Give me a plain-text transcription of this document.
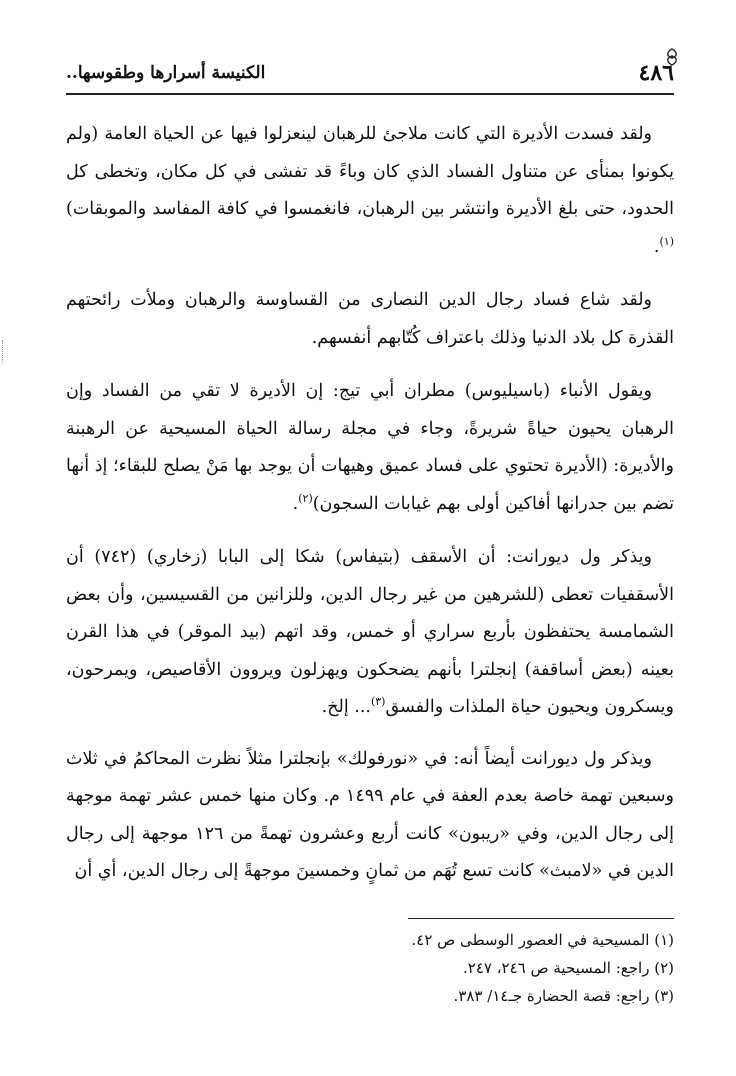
٤٨٦
الكنيسة أسرارها وطقوسها..

ولقد فسدت الأديرة التي كانت ملاجئ للرهبان لينعزلوا فيها عن الحياة العامة (ولم يكونوا بمنأى عن متناول الفساد الذي كان وباءً قد تفشى في كل مكان، وتخطى كل الحدود، حتى بلغ الأديرة وانتشر بين الرهبان، فانغمسوا في كافة المفاسد والموبقات)$^{(١)}$.

ولقد شاع فساد رجال الدين النصارى من القساوسة والرهبان وملأت رائحتهم القذرة كل بلاد الدنيا وذلك باعتراف كُتّابهم أنفسهم.

ويقول الأنباء (باسيليوس) مطران أبي تيج: إن الأديرة لا تقي من الفساد وإن الرهبان يحيون حياةً شريرةً، وجاء في مجلة رسالة الحياة المسيحية عن الرهبنة والأديرة: (الأديرة تحتوي على فساد عميق وهيهات أن يوجد بها مَنْ يصلح للبقاء؛ إذ أنها تضم بين جدرانها أفاكين أولى بهم غيابات السجون)$^{(٢)}$.

ويذكر ول ديورانت: أن الأسقف (بتيفاس) شكا إلى البابا (زخاري) (٧٤٢) أن الأسقفيات تعطى (للشرهين من غير رجال الدين، وللزانين من القسيسين، وأن بعض الشمامسة يحتفظون بأربع سراري أو خمس، وقد اتهم (بيد الموقر) في هذا القرن بعينه (بعض أساقفة) إنجلترا بأنهم يضحكون ويهزلون ويروون الأقاصيص، ويمرحون، ويسكرون ويحيون حياة الملذات والفسق$^{(٣)}$... إلخ.

ويذكر ول ديورانت أيضاً أنه: في «نورفولك» بإنجلترا مثلاً نظرت المحاكمُ في ثلاث وسبعين تهمة خاصة بعدم العفة في عام ١٤٩٩ م. وكان منها خمس عشر تهمة موجهة إلى رجال الدين، وفي «ريبون» كانت أربع وعشرون تهمةً من ١٢٦ موجهة إلى رجال الدين في «لامبث» كانت تسع تُهَم من ثمانٍ وخمسينَ موجهةً إلى رجال الدين، أي أن

(١) المسيحية في العصور الوسطى ص ٤٢.

(٢) راجع: المسيحية ص ٢٤٦، ٢٤٧.

(٣) راجع: قصة الحضارة جـ١٤/ ٣٨٣.
